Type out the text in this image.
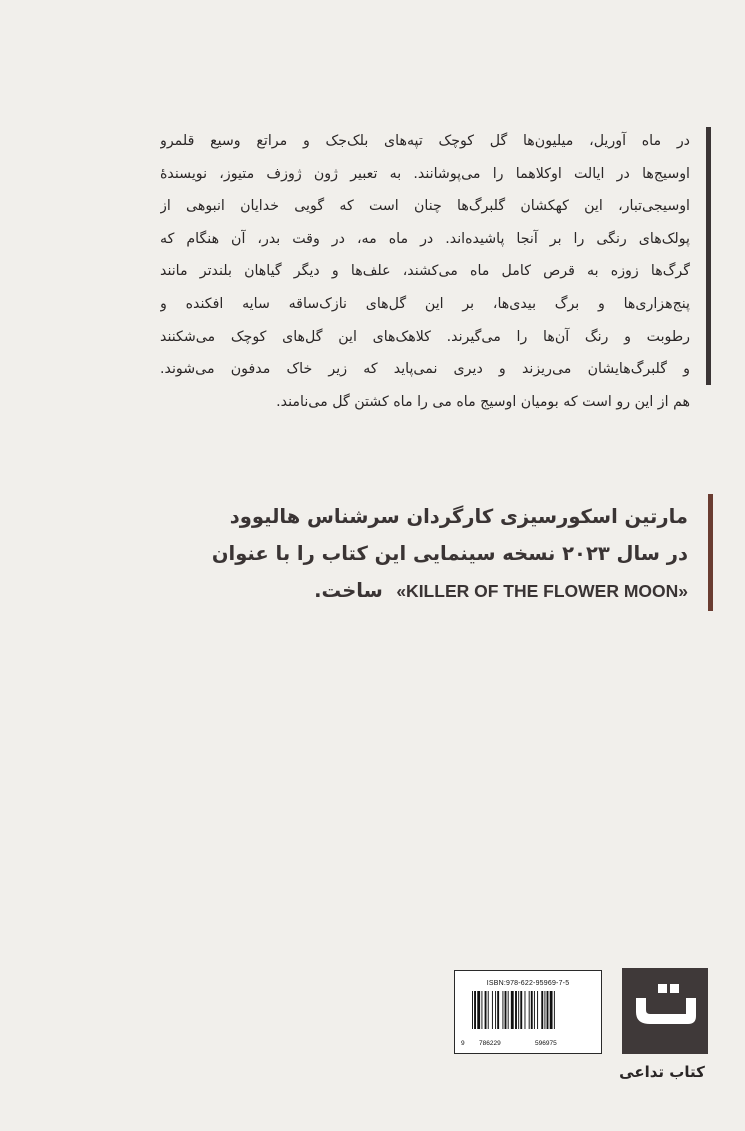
در ماه آوریل، میلیون‌ها گل کوچک تپه‌های بلک‌جک و مراتع وسیع قلمرو
اوسیج‌ها در ایالت اوکلاهما را می‌پوشانند. به تعبیر ژون ژوزف متیوز، نویسندهٔ
اوسیجی‌تبار، این کهکشان گلبرگ‌ها چنان است که گویی خدایان انبوهی از
پولک‌های رنگی را بر آنجا پاشیده‌اند. در ماه مه، در وقت بدر، آن هنگام که
گرگ‌ها زوزه به قرص کامل ماه می‌کشند، علف‌ها و دیگر گیاهان بلندتر مانند
پنج‌هزاری‌ها و برگ بیدی‌ها، بر این گل‌های نازک‌ساقه سایه افکنده و
رطوبت و رنگ آن‌ها را می‌گیرند. کلاهک‌های این گل‌های کوچک می‌شکنند
و گلبرگ‌هایشان می‌ریزند و دیری نمی‌پاید که زیر خاک مدفون می‌شوند.
هم از این رو است که بومیان اوسیج ماه می را ماه کشتن گل می‌نامند.
مارتین اسکورسیزی کارگردان سرشناس هالیوود
در سال ۲۰۲۳ نسخه سینمایی این کتاب را با عنوان
«KILLER OF THE FLOWER MOON»  ساخت.
ISBN:978-622-95969-7-5
9 786229	596975
کتاب تداعی
